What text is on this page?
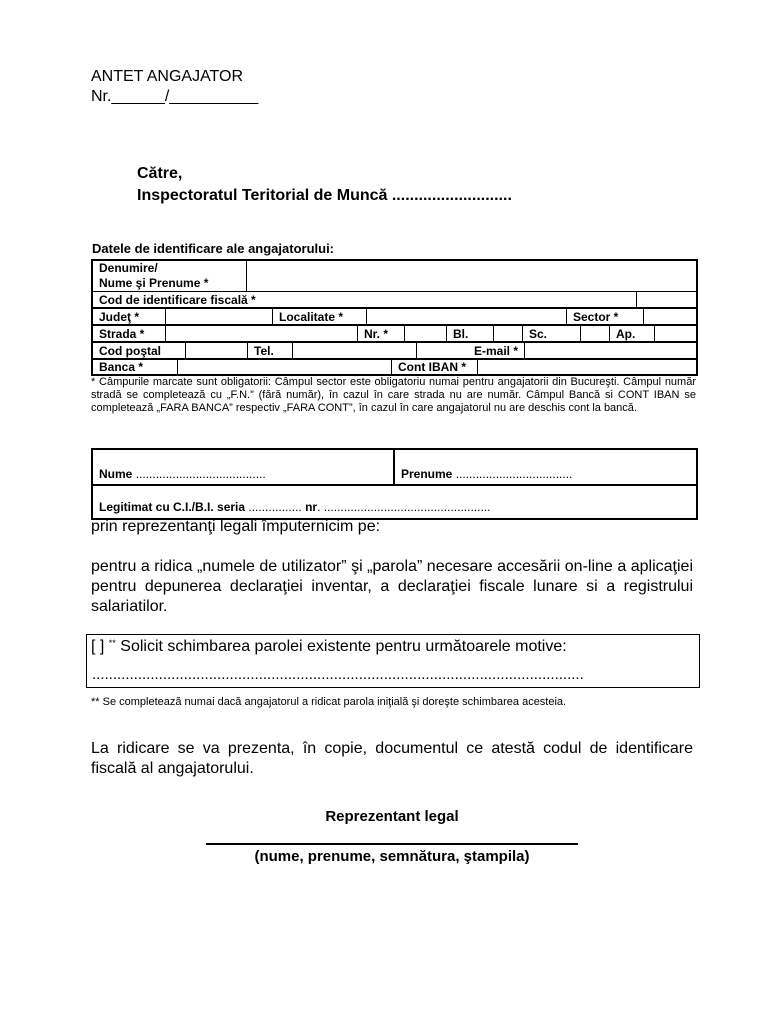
ANTET ANGAJATOR
Nr.______/__________
Către,
Inspectoratul Teritorial de Muncă ...........................
Datele de identificare ale angajatorului:
Denumire/
Nume şi Prenume *		

Cod de identificare fiscală *		
Judeţ *		Localitate *		Sector *	
Strada *		Nr. *		Bl.		Sc.		Ap.	
Cod poştal		Tel.		E-mail *	
Banca *		Cont IBAN *	
* Câmpurile marcate sunt obligatorii: Câmpul sector este obligatoriu numai pentru angajatorii din Bucureşti. Câmpul număr stradă se completează cu „F.N.” (fără număr), în cazul în care strada nu are număr. Câmpul Bancă si CONT IBAN se completează „FARA BANCA” respectiv „FARA CONT”, în cazul în care angajatorul nu are deschis cont la bancă.
Nume .......................................	Prenume ...................................
Legitimat cu C.I./B.I. seria ................ nr. ..................................................
prin reprezentanţi legali împuternicim pe:
pentru a ridica „numele de utilizator” şi „parola” necesare accesării on-line a aplicaţiei pentru depunerea declaraţiei inventar, a declaraţiei fiscale lunare si a registrului salariatilor.
[ ] ** Solicit schimbarea parolei existente pentru următoarele motive:
......................................................................................................................
** Se completează numai dacă angajatorul a ridicat parola iniţială şi doreşte schimbarea acesteia.
La ridicare se va prezenta, în copie, documentul ce atestă codul de identificare fiscală al angajatorului.
Reprezentant legal
(nume, prenume, semnătura, ştampila)
